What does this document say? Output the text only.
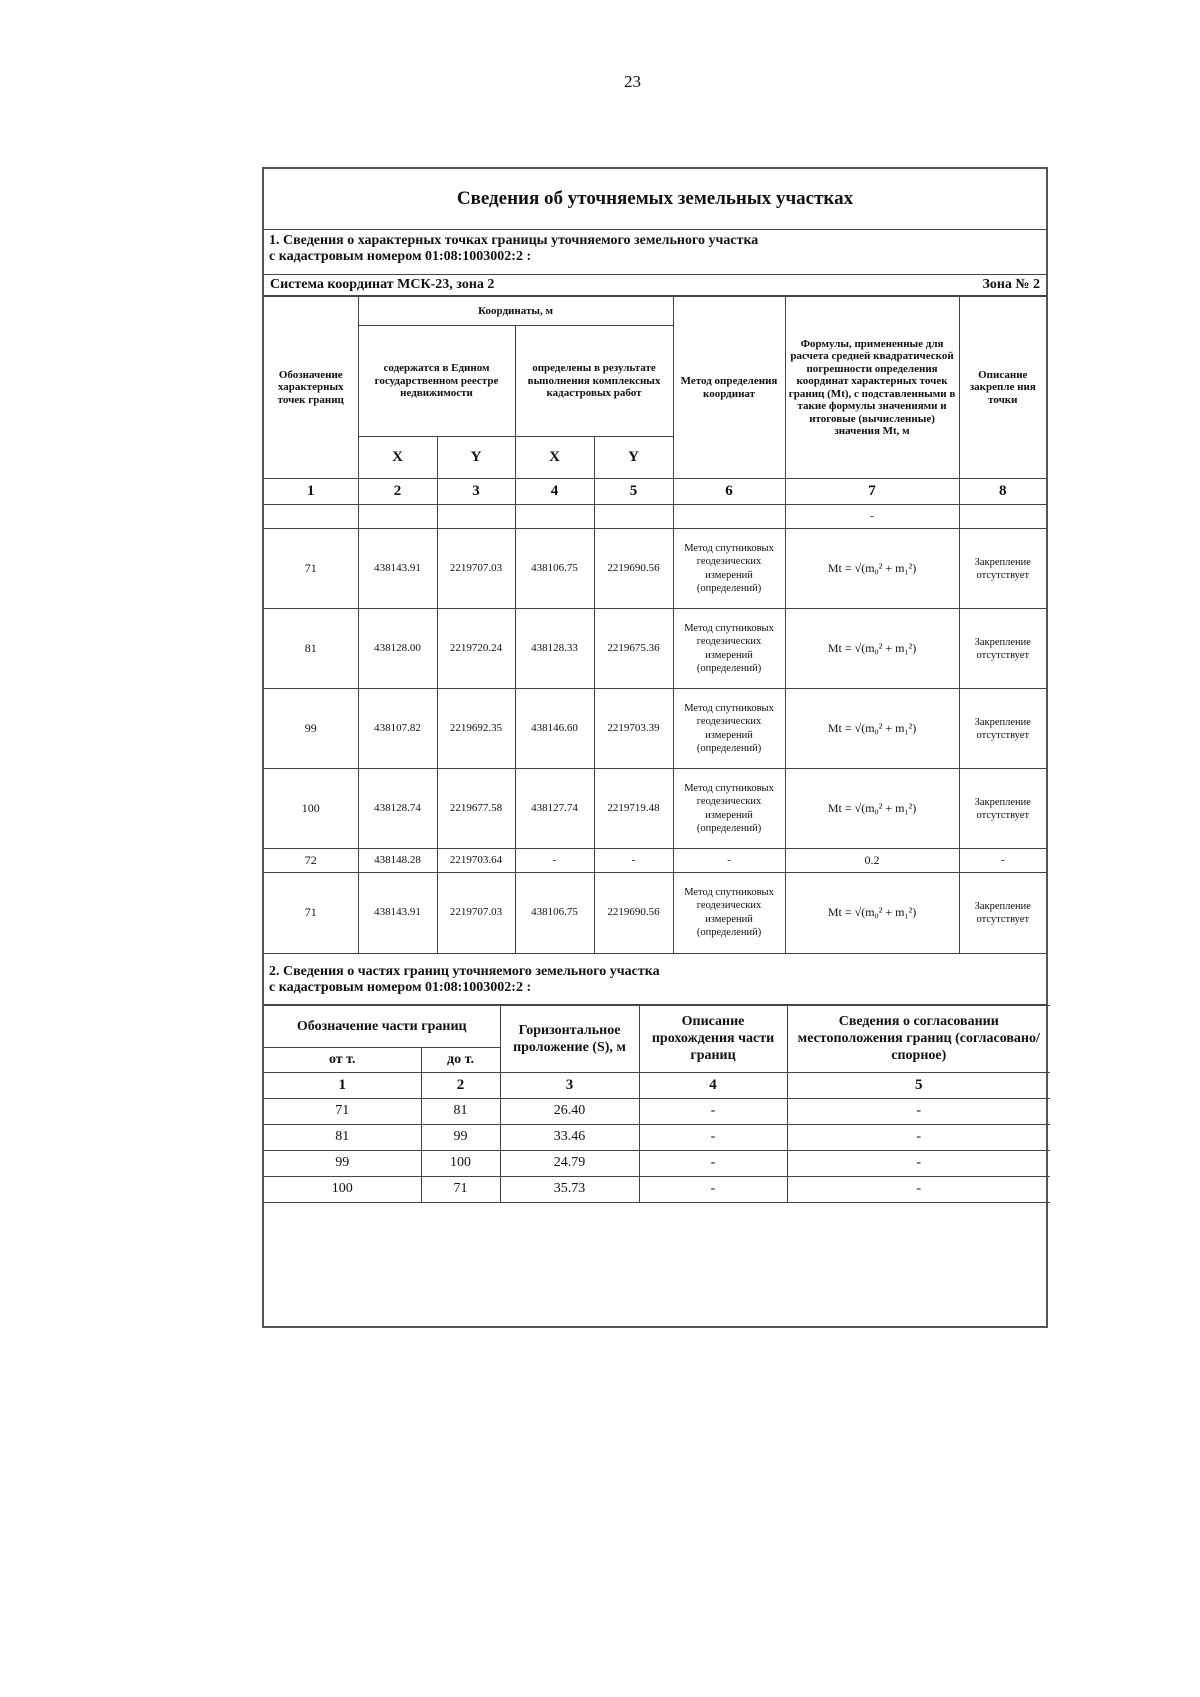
23
Сведения об уточняемых земельных участках
1. Сведения о характерных точках границы уточняемого земельного участка
с кадастровым номером 01:08:1003002:2 :
Система координат МСК-23, зона 2	Зона № 2
Обозначение характерных точек границ	Координаты, м				Метод определения координат	Формулы, примененные для расчета средней квадратической погрешности определения координат характерных точек границ (Mt), с подставленными в такие формулы значениями и итоговые (вычисленные) значения Mt, м	Описание закрепле ния точки
	содержатся в Едином государственном реестре недвижимости		определены в результате выполнения комплексных кадастровых работ				
	X	Y	X	Y			
1	2	3	4	5	6	7	8
						-	
71	438143.91	2219707.03	438106.75	2219690.56	Метод спутниковых геодезических измерений (определений)	Mt = √(m₀² + m₁²)	Закрепление отсутствует
81	438128.00	2219720.24	438128.33	2219675.36	Метод спутниковых геодезических измерений (определений)	Mt = √(m₀² + m₁²)	Закрепление отсутствует
99	438107.82	2219692.35	438146.60	2219703.39	Метод спутниковых геодезических измерений (определений)	Mt = √(m₀² + m₁²)	Закрепление отсутствует
100	438128.74	2219677.58	438127.74	2219719.48	Метод спутниковых геодезических измерений (определений)	Mt = √(m₀² + m₁²)	Закрепление отсутствует
72	438148.28	2219703.64	-	-	-	0.2	-
71	438143.91	2219707.03	438106.75	2219690.56	Метод спутниковых геодезических измерений (определений)	Mt = √(m₀² + m₁²)	Закрепление отсутствует
2. Сведения о частях границ уточняемого земельного участка
с кадастровым номером 01:08:1003002:2 :
Обозначение части границ		Горизонтальное проложение (S), м	Описание прохождения части границ	Сведения о согласовании местоположения границ (согласовано/спорное)
от т.	до т.			
1	2	3	4	5
71	81	26.40	-	-
81	99	33.46	-	-
99	100	24.79	-	-
100	71	35.73	-	-
